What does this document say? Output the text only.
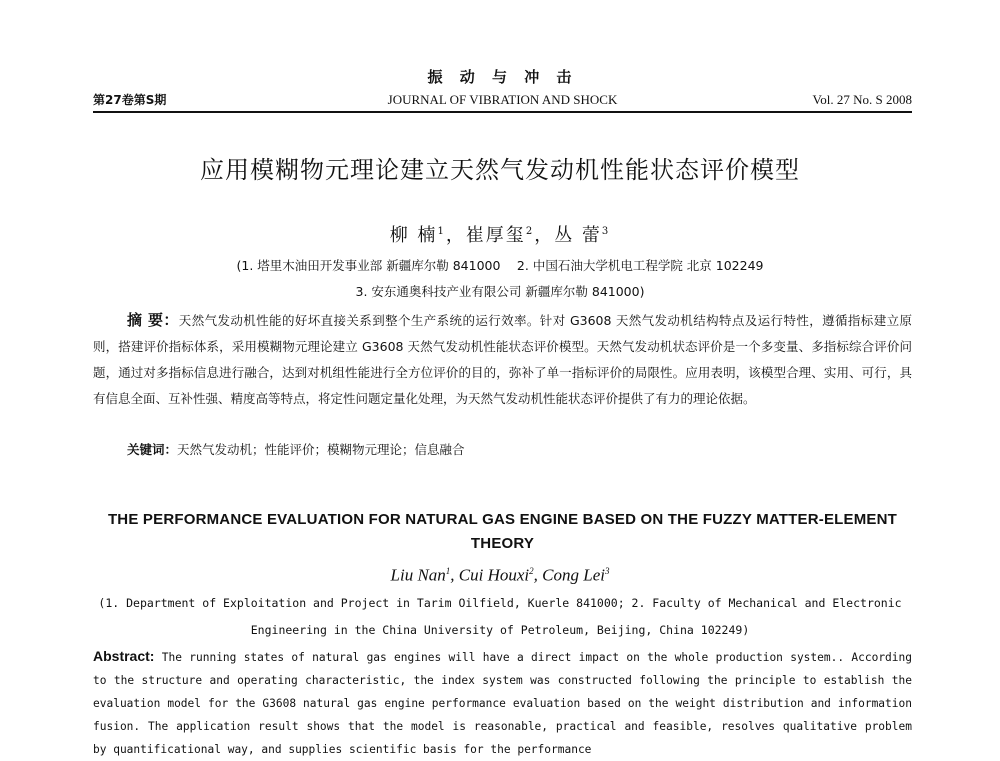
振 动 与 冲 击
第27卷第S期	JOURNAL OF VIBRATION AND SHOCK	Vol. 27 No. S 2008
应用模糊物元理论建立天然气发动机性能状态评价模型
柳 楠$^1$，崔厚玺$^2$，丛 蕾$^3$
(1. 塔里木油田开发事业部 新疆库尔勒 841000　 2. 中国石油大学机电工程学院 北京 102249
3. 安东通奥科技产业有限公司 新疆库尔勒 841000)
摘 要：天然气发动机性能的好坏直接关系到整个生产系统的运行效率。针对 G3608 天然气发动机结构特点及运行特性，遵循指标建立原则，搭建评价指标体系，采用模糊物元理论建立 G3608 天然气发动机性能状态评价模型。天然气发动机状态评价是一个多变量、多指标综合评价问题，通过对多指标信息进行融合，达到对机组性能进行全方位评价的目的，弥补了单一指标评价的局限性。应用表明，该模型合理、实用、可行，具有信息全面、互补性强、精度高等特点，将定性问题定量化处理，为天然气发动机性能状态评价提供了有力的理论依据。
关键词：天然气发动机；性能评价；模糊物元理论；信息融合
THE PERFORMANCE EVALUATION FOR NATURAL GAS ENGINE BASED ON THE FUZZY MATTER-ELEMENT THEORY
Liu Nan$^1$, Cui Houxi$^2$, Cong Lei$^3$
(1. Department of Exploitation and Project in Tarim Oilfield, Kuerle 841000; 2. Faculty of Mechanical and Electronic
Engineering in the China University of Petroleum, Beijing, China 102249)
Abstract: The running states of natural gas engines will have a direct impact on the whole production system.. According to the structure and operating characteristic, the index system was constructed following the principle to establish the evaluation model for the G3608 natural gas engine performance evaluation based on the weight distribution and information fusion. The application result shows that the model is reasonable, practical and feasible, resolves qualitative problem by quantificational way, and supplies scientific basis for the performance
